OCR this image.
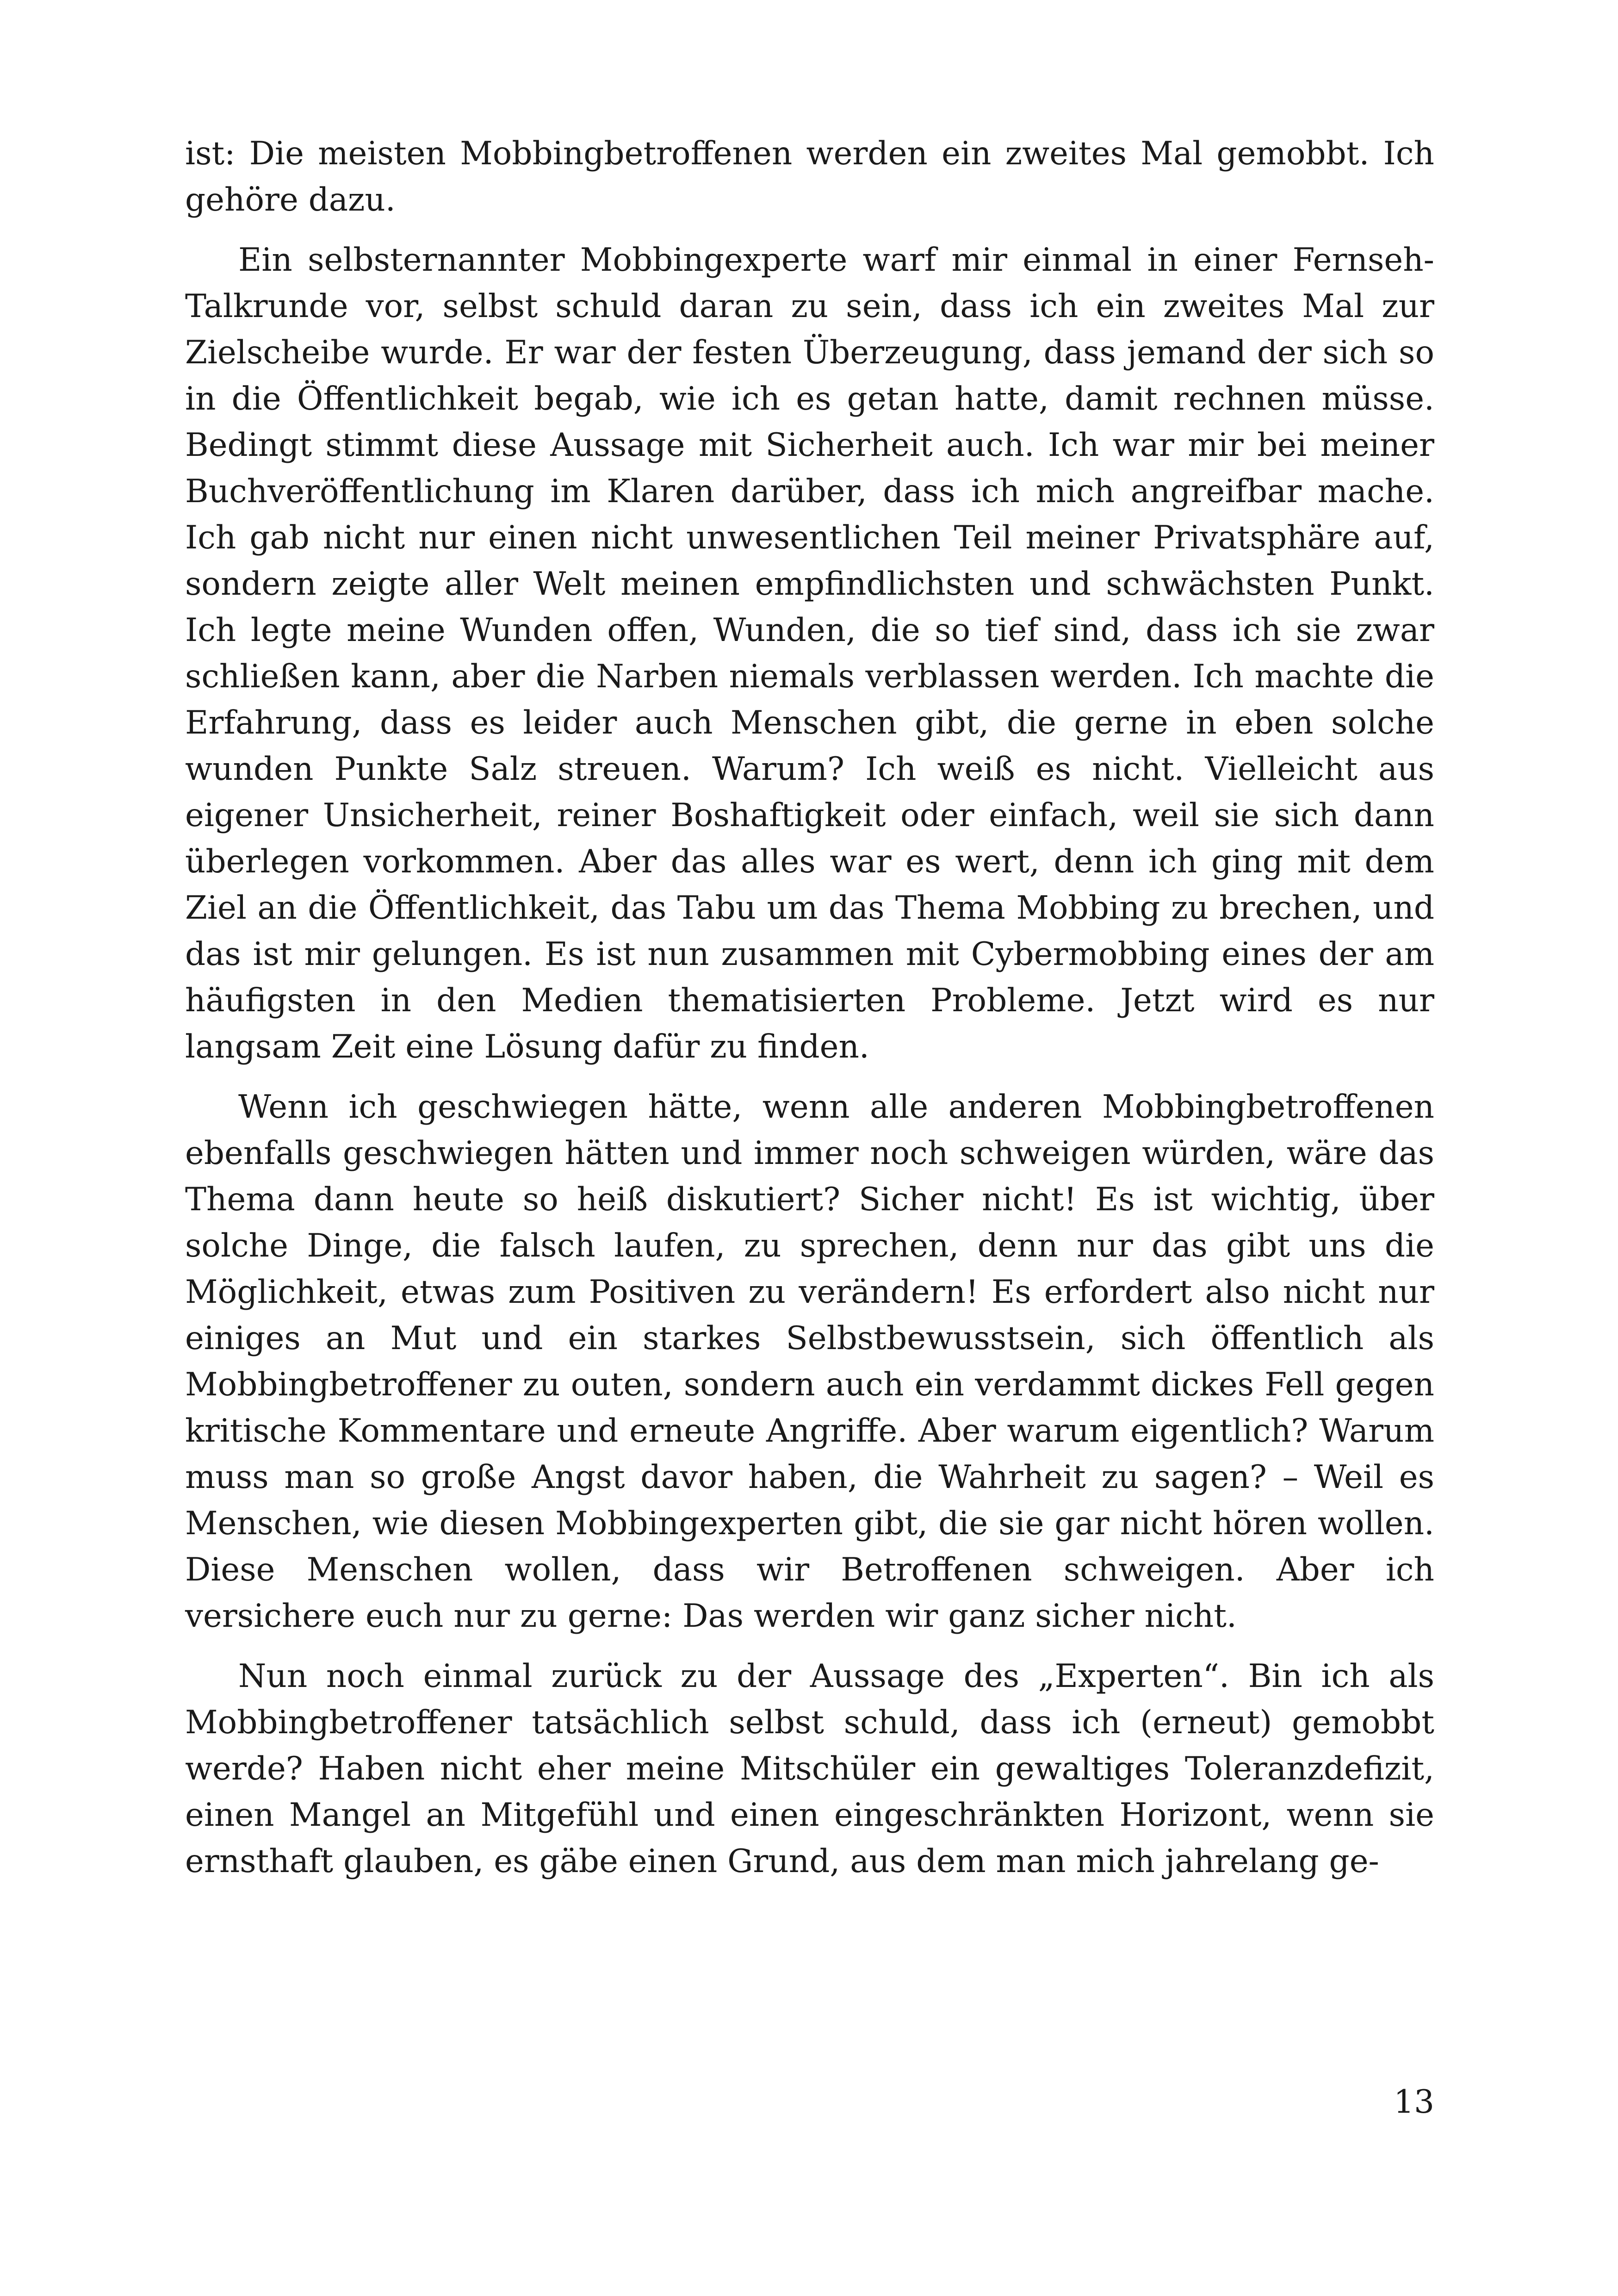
ist: Die meisten Mobbingbetroffenen werden ein zweites Mal gemobbt. Ich gehöre dazu.

Ein selbsternannter Mobbingexperte warf mir einmal in einer Fernseh-Talkrunde vor, selbst schuld daran zu sein, dass ich ein zweites Mal zur Zielscheibe wurde. Er war der festen Überzeugung, dass jemand der sich so in die Öffentlichkeit begab, wie ich es getan hatte, damit rechnen müsse. Bedingt stimmt diese Aussage mit Sicherheit auch. Ich war mir bei meiner Buchveröffentlichung im Klaren darüber, dass ich mich angreifbar mache. Ich gab nicht nur einen nicht unwesentlichen Teil meiner Privatsphäre auf, sondern zeigte aller Welt meinen empfindlichsten und schwächsten Punkt. Ich legte meine Wunden offen, Wunden, die so tief sind, dass ich sie zwar schließen kann, aber die Narben niemals verblassen werden. Ich machte die Erfahrung, dass es leider auch Menschen gibt, die gerne in eben solche wunden Punkte Salz streuen. Warum? Ich weiß es nicht. Vielleicht aus eigener Unsicherheit, reiner Boshaftigkeit oder einfach, weil sie sich dann überlegen vorkommen. Aber das alles war es wert, denn ich ging mit dem Ziel an die Öffentlichkeit, das Tabu um das Thema Mobbing zu brechen, und das ist mir gelungen. Es ist nun zusammen mit Cybermobbing eines der am häufigsten in den Medien thematisierten Probleme. Jetzt wird es nur langsam Zeit eine Lösung dafür zu finden.

Wenn ich geschwiegen hätte, wenn alle anderen Mobbingbetroffenen ebenfalls geschwiegen hätten und immer noch schweigen würden, wäre das Thema dann heute so heiß diskutiert? Sicher nicht! Es ist wichtig, über solche Dinge, die falsch laufen, zu sprechen, denn nur das gibt uns die Möglichkeit, etwas zum Positiven zu verändern! Es erfordert also nicht nur einiges an Mut und ein starkes Selbstbewusstsein, sich öffentlich als Mobbingbetroffener zu outen, sondern auch ein verdammt dickes Fell gegen kritische Kommentare und erneute Angriffe. Aber warum eigentlich? Warum muss man so große Angst davor haben, die Wahrheit zu sagen? – Weil es Menschen, wie diesen Mobbingexperten gibt, die sie gar nicht hören wollen. Diese Menschen wollen, dass wir Betroffenen schweigen. Aber ich versichere euch nur zu gerne: Das werden wir ganz sicher nicht.

Nun noch einmal zurück zu der Aussage des „Experten“. Bin ich als Mobbingbetroffener tatsächlich selbst schuld, dass ich (erneut) gemobbt werde? Haben nicht eher meine Mitschüler ein gewaltiges Toleranzdefizit, einen Mangel an Mitgefühl und einen eingeschränkten Horizont, wenn sie ernsthaft glauben, es gäbe einen Grund, aus dem man mich jahrelang ge-

13
